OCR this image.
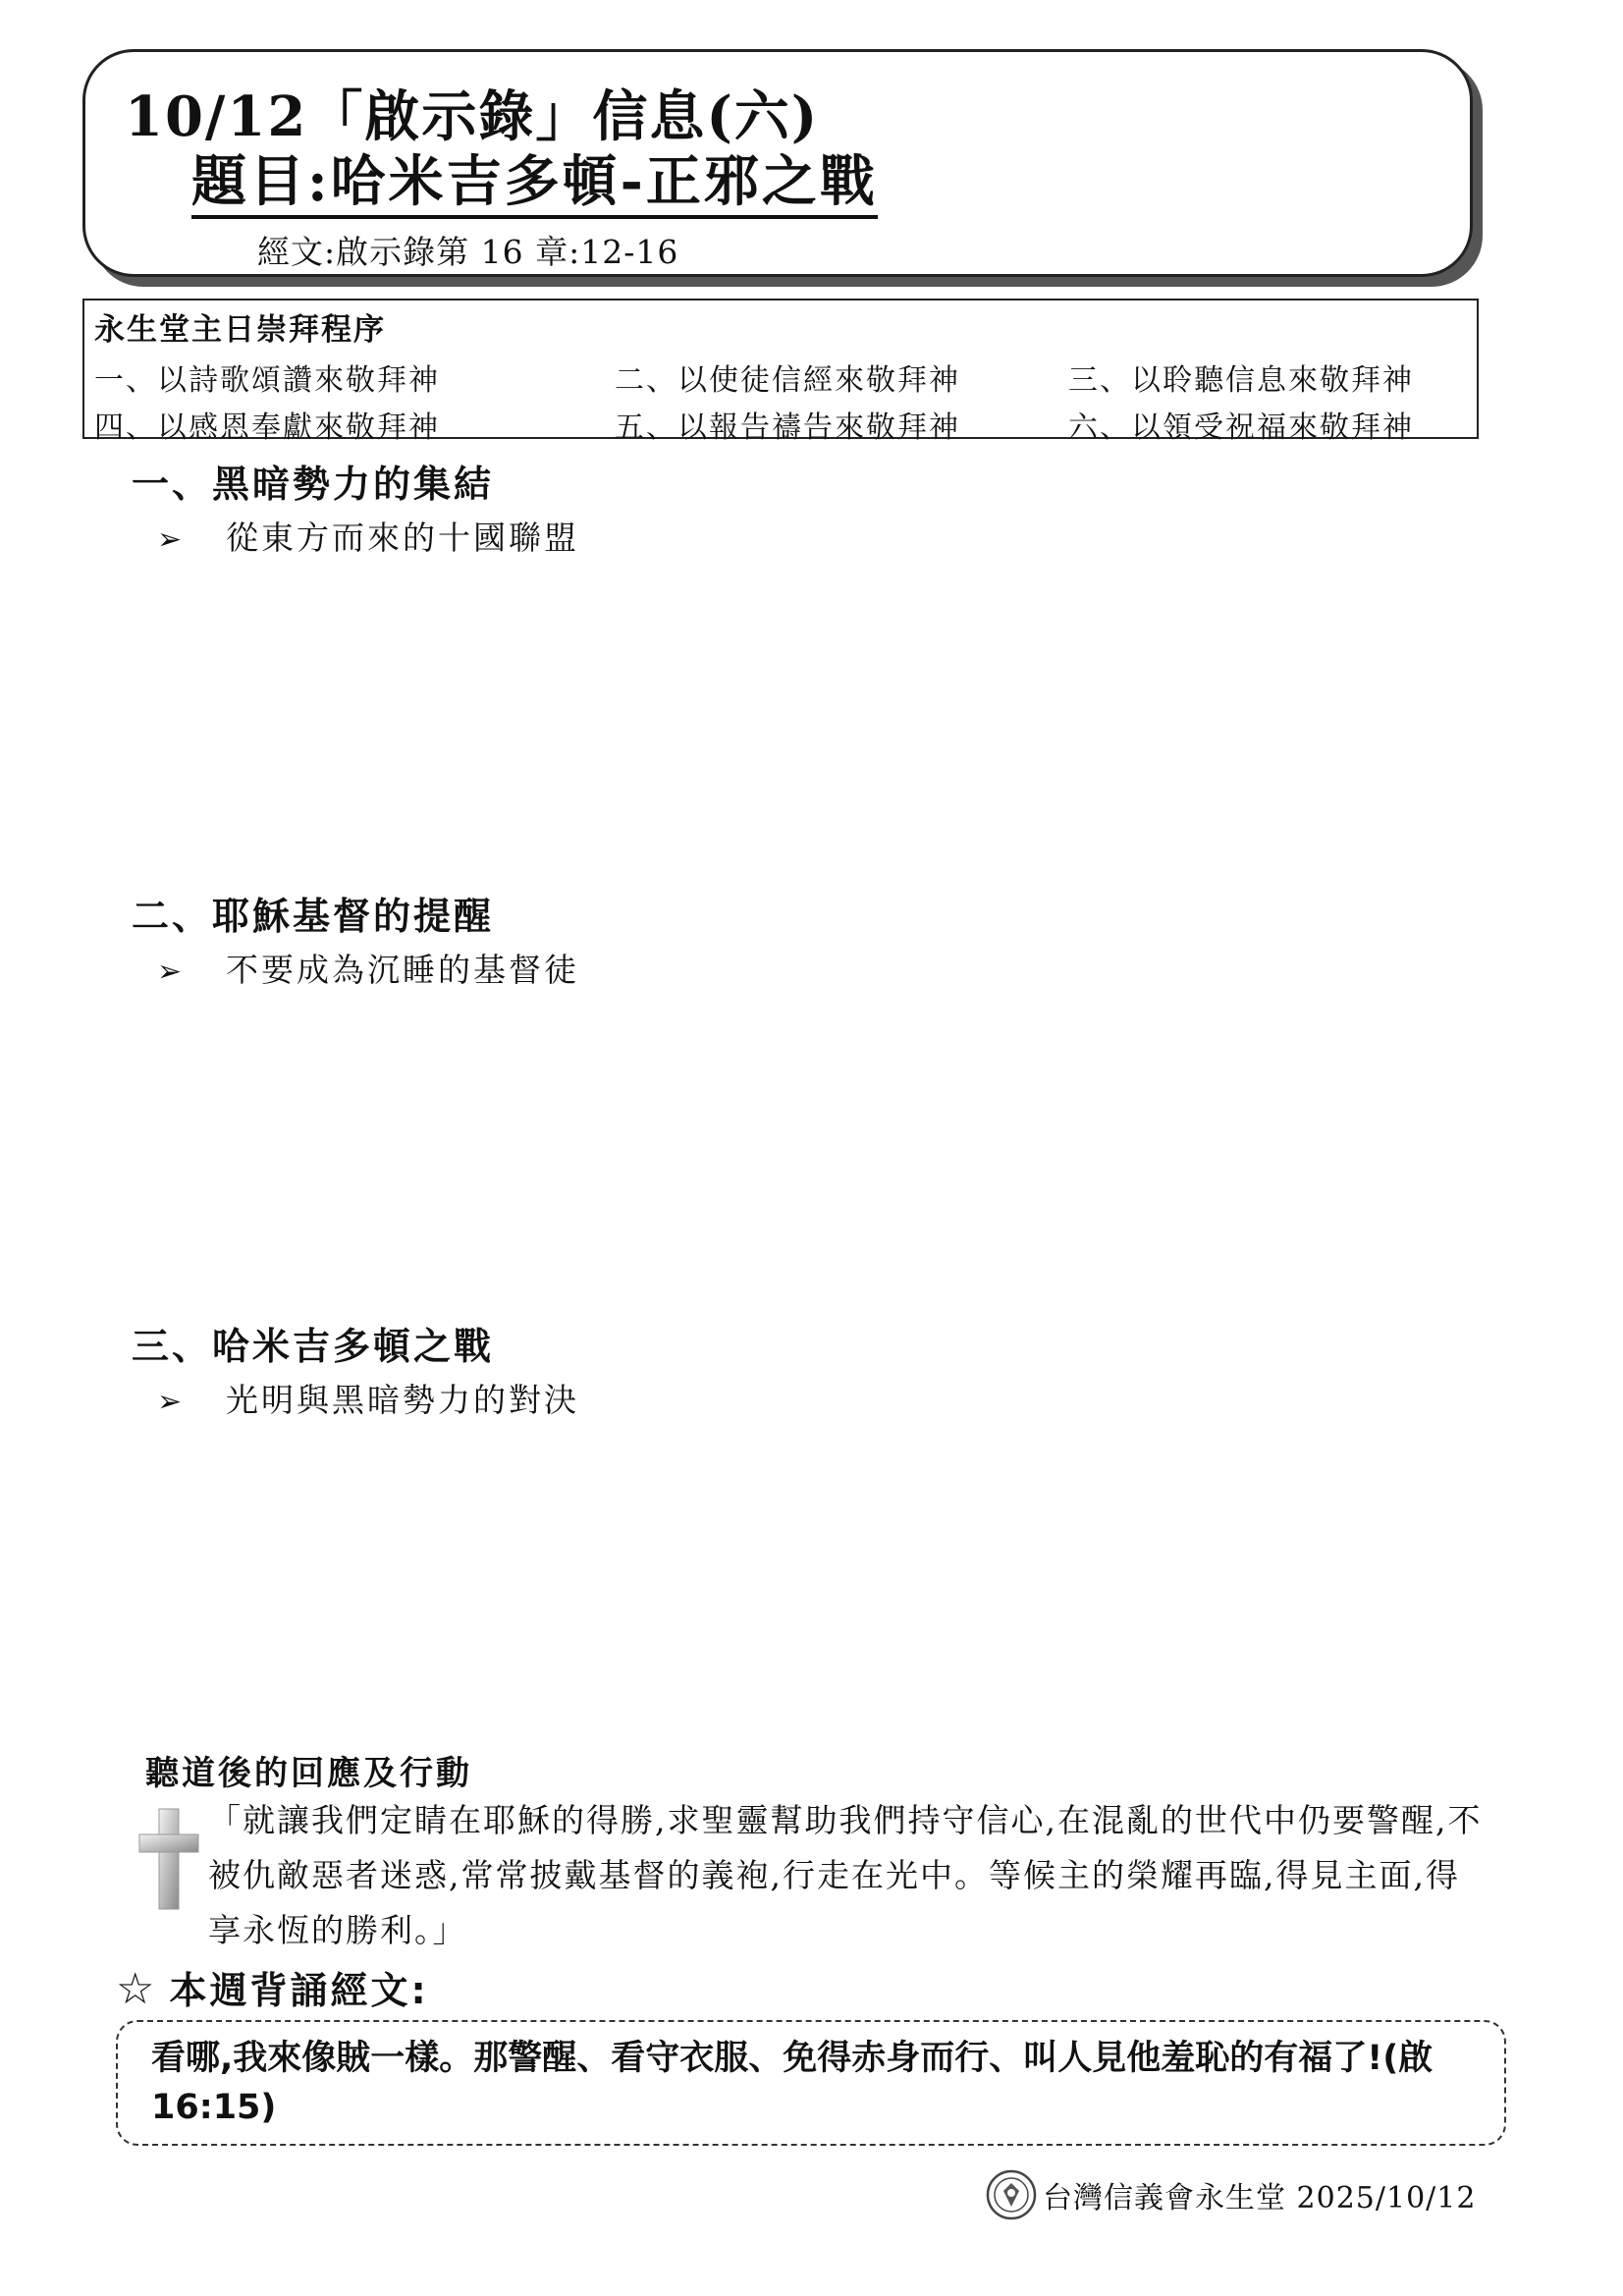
10/12「啟示錄」信息(六)
題目:哈米吉多頓-正邪之戰
經文:啟示錄第 16 章:12-16
永生堂主日崇拜程序
一、以詩歌頌讚來敬拜神	二、以使徒信經來敬拜神	三、以聆聽信息來敬拜神
四、以感恩奉獻來敬拜神	五、以報告禱告來敬拜神	六、以領受祝福來敬拜神
一、黑暗勢力的集結
➢ 從東方而來的十國聯盟
二、耶穌基督的提醒
➢ 不要成為沉睡的基督徒
三、哈米吉多頓之戰
➢ 光明與黑暗勢力的對決
聽道後的回應及行動
「就讓我們定睛在耶穌的得勝,求聖靈幫助我們持守信心,在混亂的世代中仍要警醒,不被仇敵惡者迷惑,常常披戴基督的義袍,行走在光中。等候主的榮耀再臨,得見主面,得享永恆的勝利。」
☆ 本週背誦經文:
看哪,我來像賊一樣。那警醒、看守衣服、免得赤身而行、叫人見他羞恥的有福了!(啟 16:15)
台灣信義會永生堂 2025/10/12
